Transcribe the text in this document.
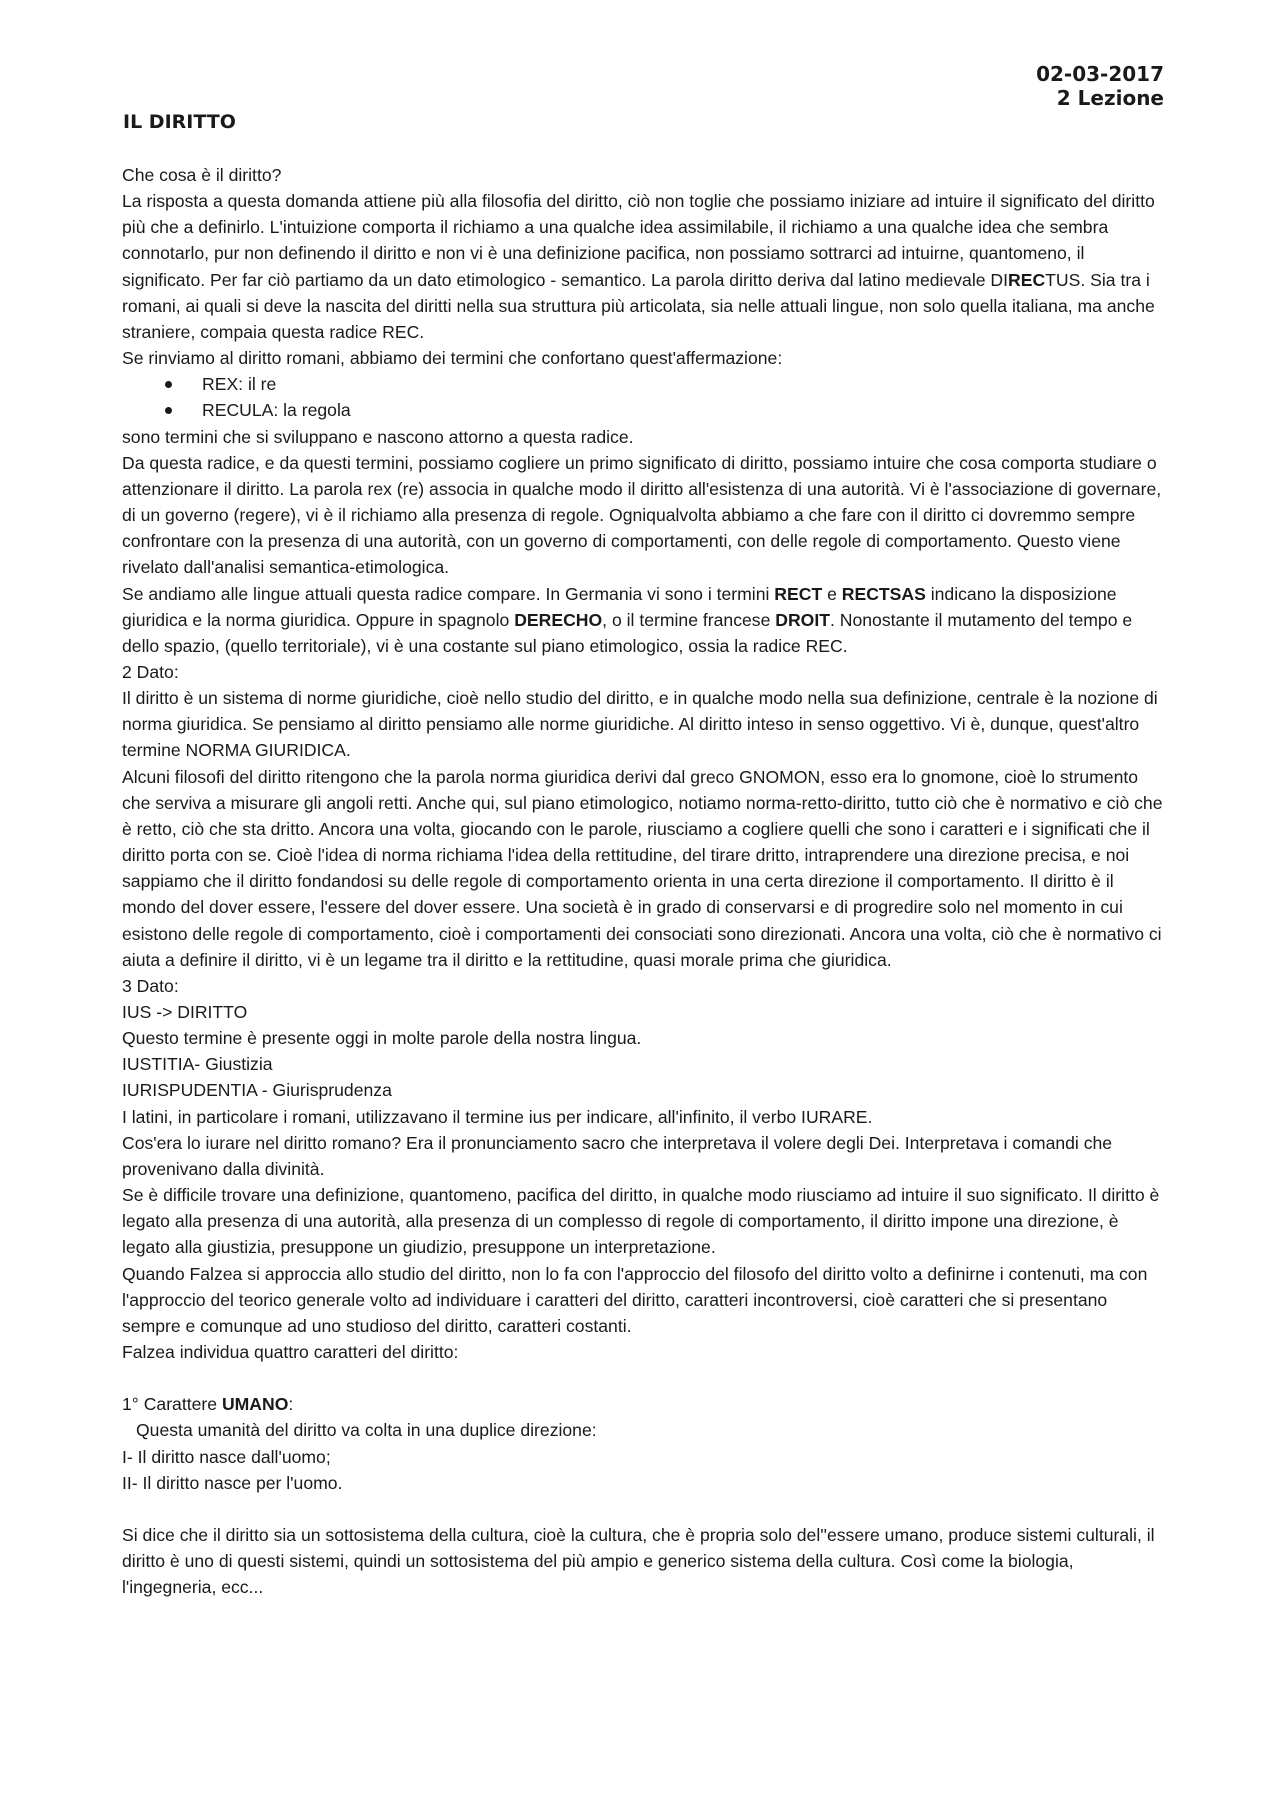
02-03-2017
2 Lezione
IL DIRITTO

Che cosa è il diritto?

La risposta a questa domanda attiene più alla filosofia del diritto, ciò non toglie che possiamo iniziare ad intuire il significato del diritto più che a definirlo. L'intuizione comporta il richiamo a una qualche idea assimilabile, il richiamo a una qualche idea che sembra connotarlo, pur non definendo il diritto e non vi è una definizione pacifica, non possiamo sottrarci ad intuirne, quantomeno, il significato. Per far ciò partiamo da un dato etimologico - semantico. La parola diritto deriva dal latino medievale DIRECTUS. Sia tra i romani, ai quali si deve la nascita del diritti nella sua struttura più articolata, sia nelle attuali lingue, non solo quella italiana, ma anche straniere, compaia questa radice REC.

Se rinviamo al diritto romani, abbiamo dei termini che confortano quest'affermazione:

REX: il re
RECULA: la regola

sono termini che si sviluppano e nascono attorno a questa radice.

Da questa radice, e da questi termini, possiamo cogliere un primo significato di diritto, possiamo intuire che cosa comporta studiare o attenzionare il diritto. La parola rex (re) associa in qualche modo il diritto all'esistenza di una autorità. Vi è l'associazione di governare, di un governo (regere), vi è il richiamo alla presenza di regole. Ogniqualvolta abbiamo a che fare con il diritto ci dovremmo sempre confrontare con la presenza di una autorità, con un governo di comportamenti, con delle regole di comportamento. Questo viene rivelato dall'analisi semantica-etimologica.

Se andiamo alle lingue attuali questa radice compare. In Germania vi sono i termini RECT e RECTSAS indicano la disposizione giuridica e la norma giuridica. Oppure in spagnolo DERECHO, o il termine francese DROIT. Nonostante il mutamento del tempo e dello spazio, (quello territoriale), vi è una costante sul piano etimologico, ossia la radice REC.

2 Dato:

Il diritto è un sistema di norme giuridiche, cioè nello studio del diritto, e in qualche modo nella sua definizione, centrale è la nozione di norma giuridica. Se pensiamo al diritto pensiamo alle norme giuridiche. Al diritto inteso in senso oggettivo. Vi è, dunque, quest'altro termine NORMA GIURIDICA.

Alcuni filosofi del diritto ritengono che la parola norma giuridica derivi dal greco GNOMON, esso era lo gnomone, cioè lo strumento che serviva a misurare gli angoli retti. Anche qui, sul piano etimologico, notiamo norma-retto-diritto, tutto ciò che è normativo e ciò che è retto, ciò che sta dritto. Ancora una volta, giocando con le parole, riusciamo a cogliere quelli che sono i caratteri e i significati che il diritto porta con se. Cioè l'idea di norma richiama l'idea della rettitudine, del tirare dritto, intraprendere una direzione precisa, e noi sappiamo che il diritto fondandosi su delle regole di comportamento orienta in una certa direzione il comportamento. Il diritto è il mondo del dover essere, l'essere del dover essere. Una società è in grado di conservarsi e di progredire solo nel momento in cui esistono delle regole di comportamento, cioè i comportamenti dei consociati sono direzionati. Ancora una volta, ciò che è normativo ci aiuta a definire il diritto, vi è un legame tra il diritto e la rettitudine, quasi morale prima che giuridica.

3 Dato:

IUS -> DIRITTO

Questo termine è presente oggi in molte parole della nostra lingua.

IUSTITIA- Giustizia

IURISPUDENTIA - Giurisprudenza

I latini, in particolare i romani, utilizzavano il termine ius per indicare, all'infinito, il verbo IURARE.

Cos'era lo iurare nel diritto romano? Era il pronunciamento sacro che interpretava il volere degli Dei. Interpretava i comandi che provenivano dalla divinità.

Se è difficile trovare una definizione, quantomeno, pacifica del diritto, in qualche modo riusciamo ad intuire il suo significato. Il diritto è legato alla presenza di una autorità, alla presenza di un complesso di regole di comportamento, il diritto impone una direzione, è legato alla giustizia, presuppone un giudizio, presuppone un interpretazione.

Quando Falzea si approccia allo studio del diritto, non lo fa con l'approccio del filosofo del diritto volto a definirne i contenuti, ma con l'approccio del teorico generale volto ad individuare i caratteri del diritto, caratteri incontroversi, cioè caratteri che si presentano sempre e comunque ad uno studioso del diritto, caratteri costanti.

Falzea individua quattro caratteri del diritto:

1° Carattere UMANO:

Questa umanità del diritto va colta in una duplice direzione:

I- Il diritto nasce dall'uomo;

II- Il diritto nasce per l'uomo.

Si dice che il diritto sia un sottosistema della cultura, cioè la cultura, che è propria solo del''essere umano, produce sistemi culturali, il diritto è uno di questi sistemi, quindi un sottosistema del più ampio e generico sistema della cultura. Così come la biologia, l'ingegneria, ecc...
